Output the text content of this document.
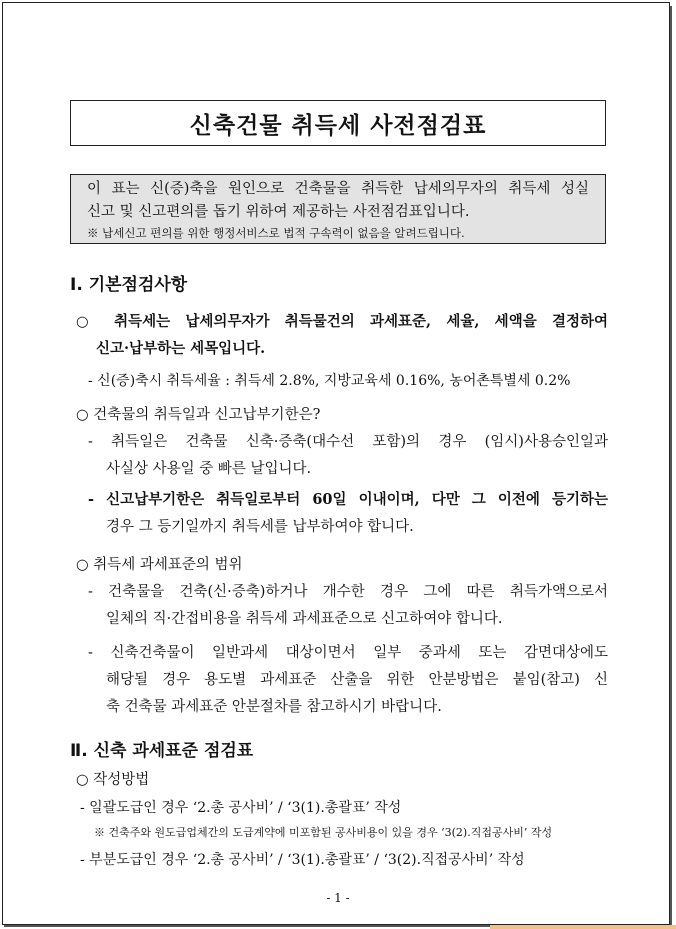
신축건물 취득세 사전점검표
이 표는 신(증)축을 원인으로 건축물을 취득한 납세의무자의 취득세 성실
신고 및 신고편의를 돕기 위하여 제공하는 사전점검표입니다.
※ 납세신고 편의를 위한 행정서비스로 법적 구속력이 없음을 알려드립니다.
Ⅰ. 기본점검사항
○ 취득세는 납세의무자가 취득물건의 과세표준, 세율, 세액을 결정하여
신고·납부하는 세목입니다.
- 신(증)축시 취득세율 : 취득세 2.8%, 지방교육세 0.16%, 농어촌특별세 0.2%
○ 건축물의 취득일과 신고납부기한은?
- 취득일은 건축물 신축·증축(대수선 포함)의 경우 (임시)사용승인일과
사실상 사용일 중 빠른 날입니다.
- 신고납부기한은 취득일로부터 60일 이내이며, 다만 그 이전에 등기하는
경우 그 등기일까지 취득세를 납부하여야 합니다.
○ 취득세 과세표준의 범위
- 건축물을 건축(신·증축)하거나 개수한 경우 그에 따른 취득가액으로서
일체의 직·간접비용을 취득세 과세표준으로 신고하여야 합니다.
- 신축건축물이 일반과세 대상이면서 일부 중과세 또는 감면대상에도
해당될 경우 용도별 과세표준 산출을 위한 안분방법은 붙임(참고) 신
축 건축물 과세표준 안분절차를 참고하시기 바랍니다.
Ⅱ. 신축 과세표준 점검표
○ 작성방법
- 일괄도급인 경우 ‘2.총 공사비’ / ‘3(1).총괄표’ 작성
※ 건축주와 원도급업체간의 도급계약에 미포함된 공사비용이 있을 경우 ‘3(2).직접공사비’ 작성
- 부분도급인 경우 ‘2.총 공사비’ / ‘3(1).총괄표’ / ‘3(2).직접공사비’ 작성
- 1 -
